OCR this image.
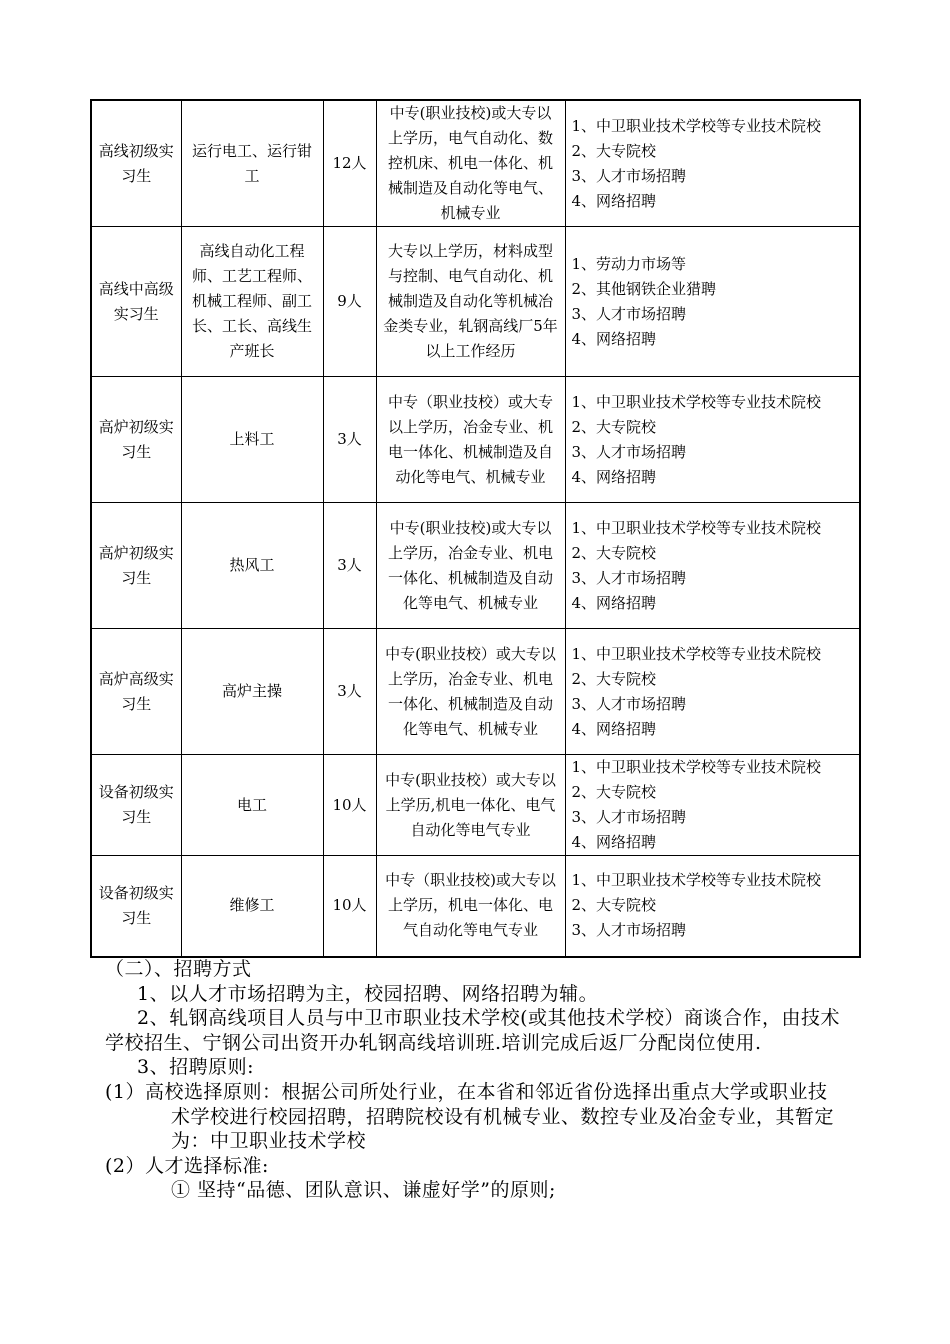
高线初级实习生	运行电工、运行钳工	12人	中专(职业技校)或大专以上学历，电气自动化、数控机床、机电一体化、机械制造及自动化等电气、机械专业	1、中卫职业技术学校等专业技术院校
2、大专院校
3、人才市场招聘
4、网络招聘

高线中高级实习生	高线自动化工程师、工艺工程师、机械工程师、副工长、工长、高线生产班长	9人	大专以上学历，材料成型与控制、电气自动化、机械制造及自动化等机械冶金类专业，轧钢高线厂5年以上工作经历	1、劳动力市场等
2、其他钢铁企业猎聘
3、人才市场招聘
4、网络招聘

高炉初级实习生	上料工	3人	中专（职业技校）或大专以上学历，冶金专业、机电一体化、机械制造及自动化等电气、机械专业	1、中卫职业技术学校等专业技术院校
2、大专院校
3、人才市场招聘
4、网络招聘

高炉初级实习生	热风工	3人	中专(职业技校)或大专以上学历，冶金专业、机电一体化、机械制造及自动化等电气、机械专业	1、中卫职业技术学校等专业技术院校
2、大专院校
3、人才市场招聘
4、网络招聘

高炉高级实习生	高炉主操	3人	中专(职业技校）或大专以上学历，冶金专业、机电一体化、机械制造及自动化等电气、机械专业	1、中卫职业技术学校等专业技术院校
2、大专院校
3、人才市场招聘
4、网络招聘

设备初级实习生	电工	10人	中专(职业技校）或大专以上学历,机电一体化、电气自动化等电气专业	1、中卫职业技术学校等专业技术院校
2、大专院校
3、人才市场招聘
4、网络招聘

设备初级实习生	维修工	10人	中专（职业技校)或大专以上学历，机电一体化、电气自动化等电气专业	1、中卫职业技术学校等专业技术院校
2、大专院校
3、人才市场招聘

（二）、招聘方式

1、以人才市场招聘为主，校园招聘、网络招聘为辅。

2、轧钢高线项目人员与中卫市职业技术学校(或其他技术学校）商谈合作，由技术学校招生、宁钢公司出资开办轧钢高线培训班.培训完成后返厂分配岗位使用.

3、招聘原则:

(1）高校选择原则：根据公司所处行业，在本省和邻近省份选择出重点大学或职业技术学校进行校园招聘，招聘院校设有机械专业、数控专业及冶金专业，其暂定为：中卫职业技术学校

(2）人才选择标准:

① 坚持“品德、团队意识、谦虚好学”的原则;
